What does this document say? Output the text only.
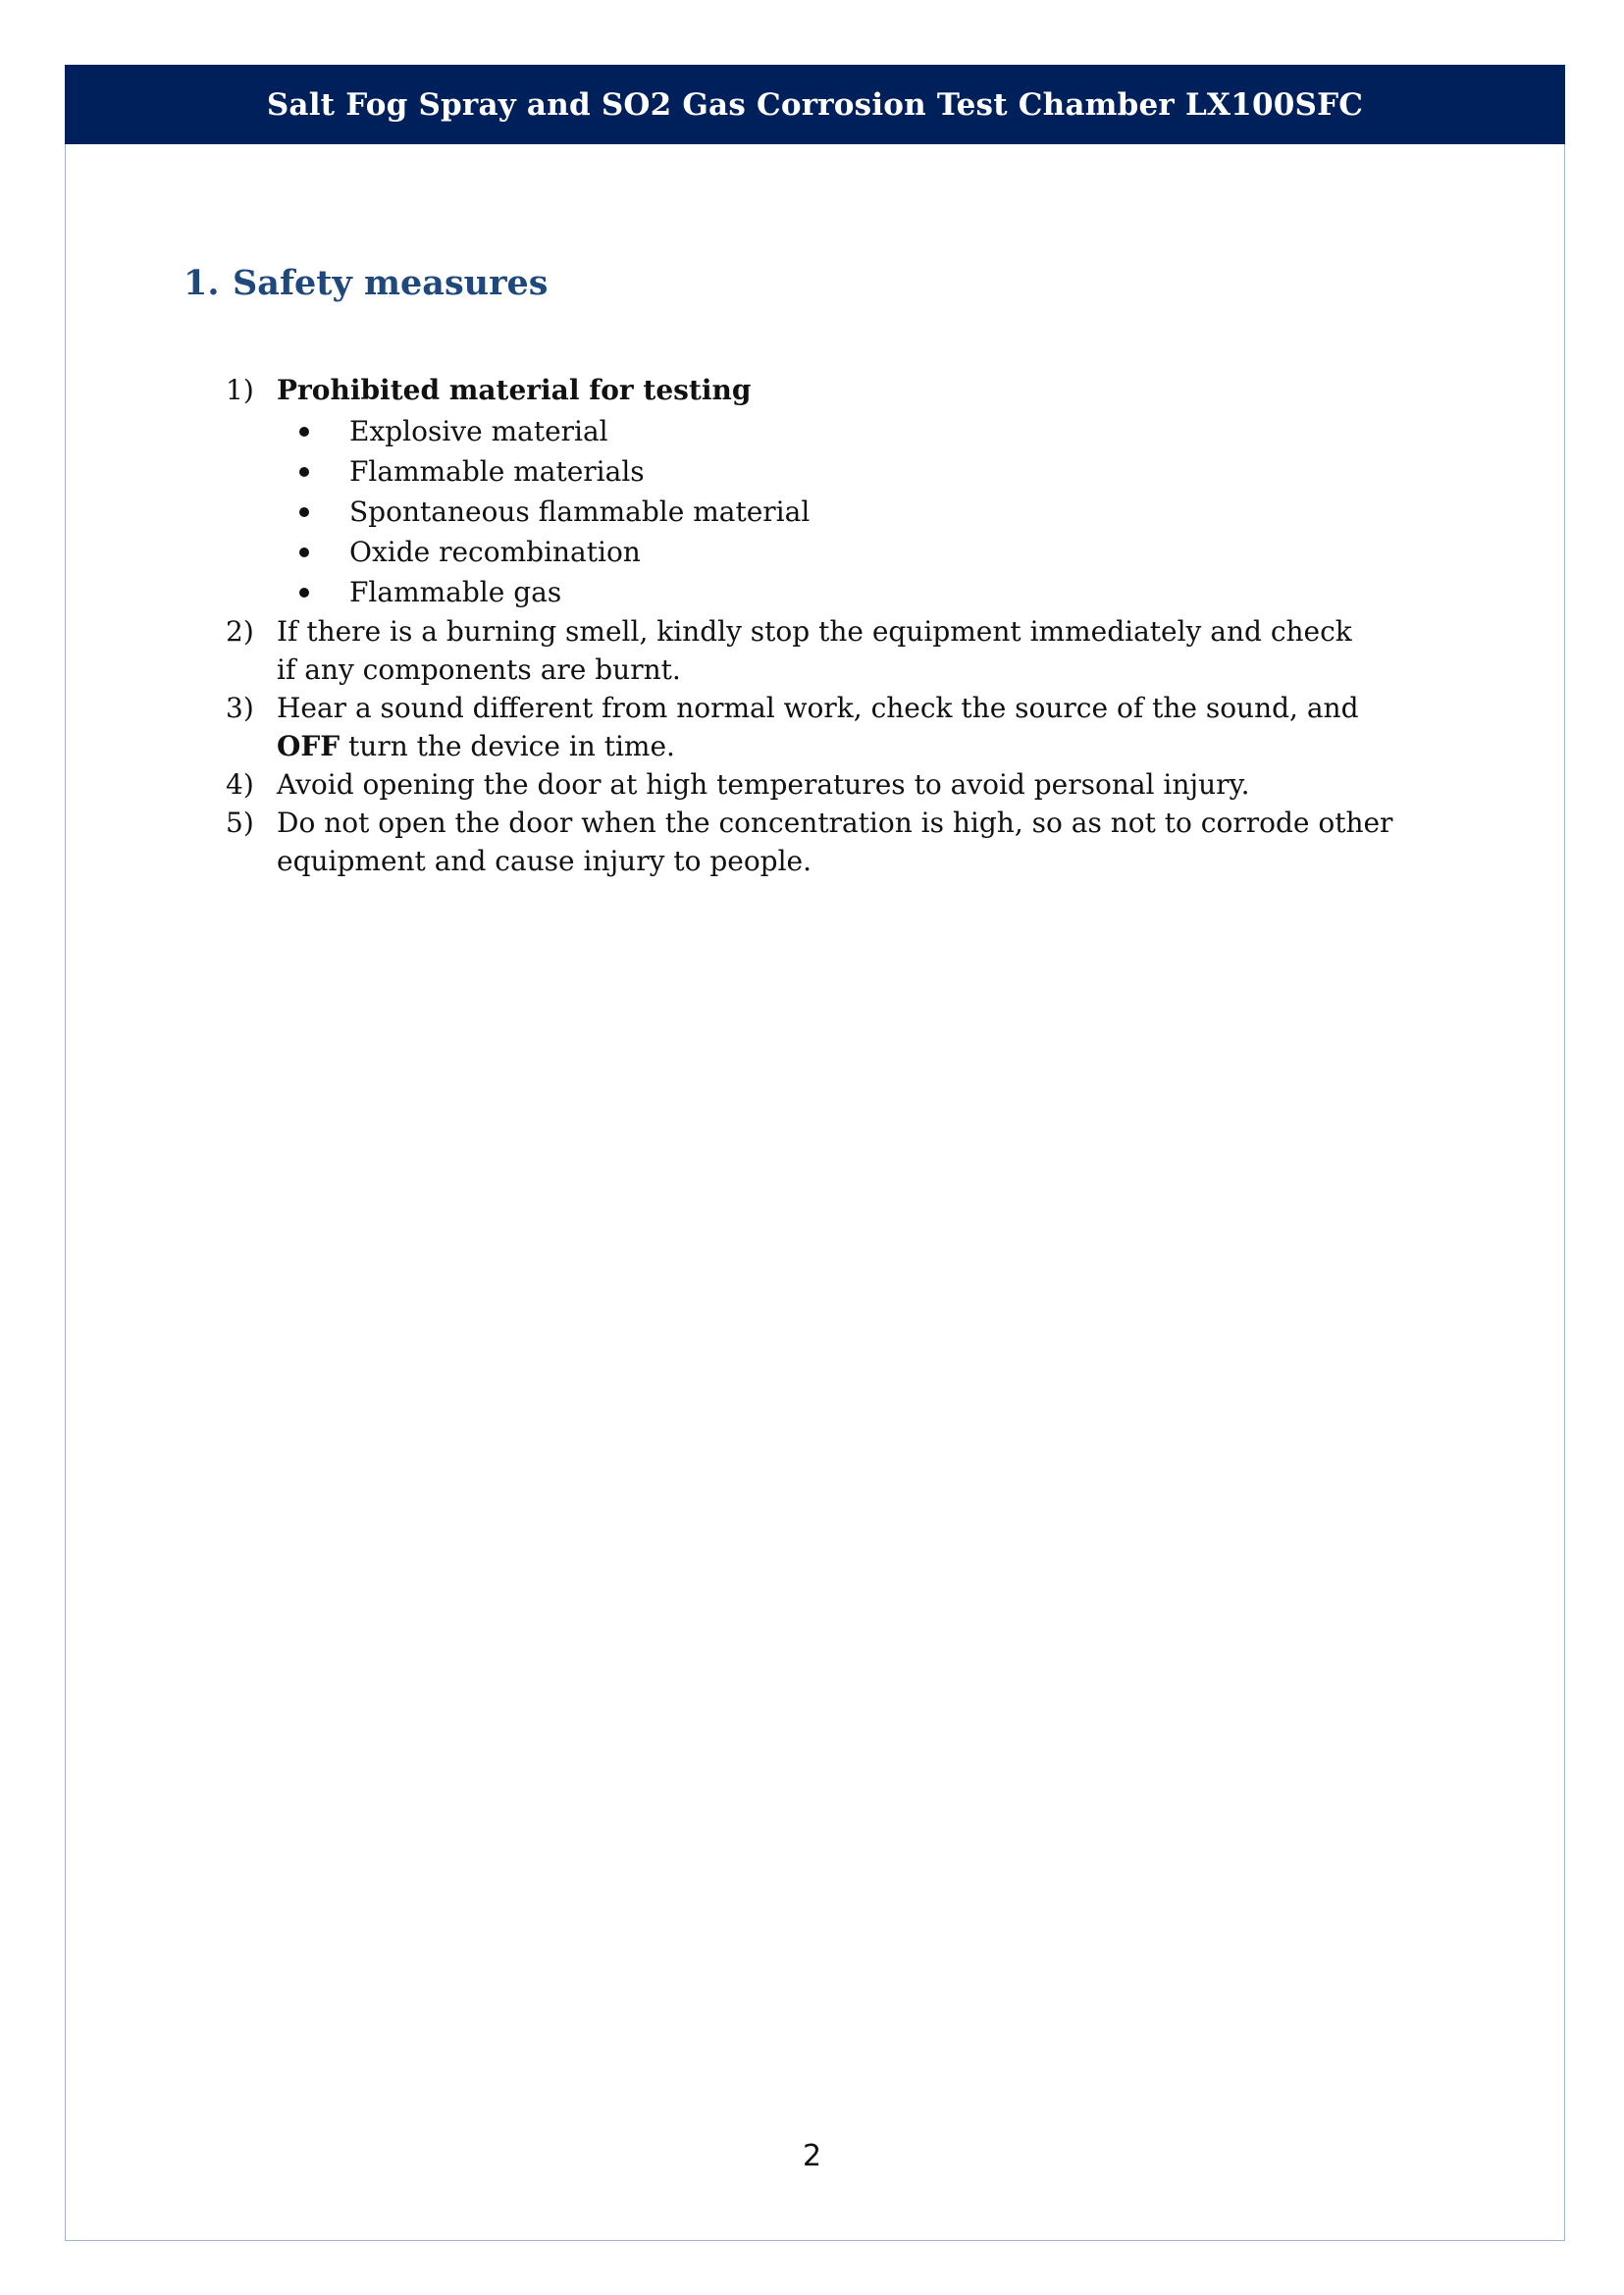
Salt Fog Spray and SO2 Gas Corrosion Test Chamber LX100SFC
1. Safety measures
1) Prohibited material for testing
Explosive material
Flammable materials
Spontaneous flammable material
Oxide recombination
Flammable gas
2) If there is a burning smell, kindly stop the equipment immediately and check
if any components are burnt.
3) Hear a sound different from normal work, check the source of the sound, and
OFF turn the device in time.
4) Avoid opening the door at high temperatures to avoid personal injury.
5) Do not open the door when the concentration is high, so as not to corrode other
equipment and cause injury to people.
2
